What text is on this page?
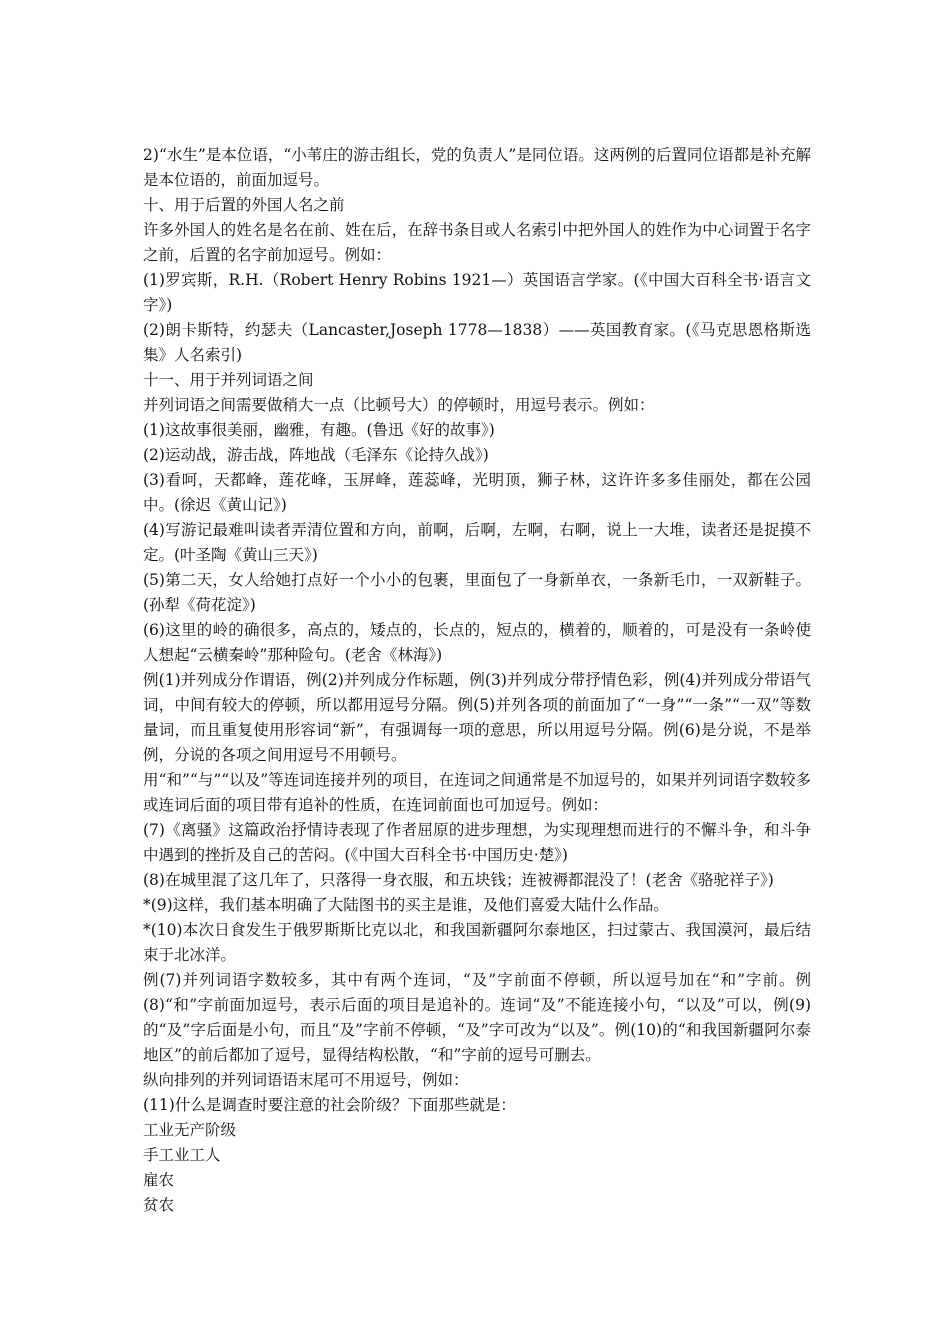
2)“水生”是本位语，“小苇庄的游击组长，党的负责人”是同位语。这两例的后置同位语都是补充解是本位语的，前面加逗号。

十、用于后置的外国人名之前

许多外国人的姓名是名在前、姓在后，在辞书条目或人名索引中把外国人的姓作为中心词置于名字之前，后置的名字前加逗号。例如：

(1)罗宾斯，R.H.（Robert Henry Robins 1921—）英国语言学家。(《中国大百科全书·语言文字》)

(2)朗卡斯特，约瑟夫（Lancaster,Joseph 1778—1838）——英国教育家。(《马克思恩格斯选集》人名索引)

十一、用于并列词语之间

并列词语之间需要做稍大一点（比顿号大）的停顿时，用逗号表示。例如：

(1)这故事很美丽，幽雅，有趣。(鲁迅《好的故事》)

(2)运动战，游击战，阵地战（毛泽东《论持久战》)

(3)看呵，天都峰，莲花峰，玉屏峰，莲蕊峰，光明顶，狮子林，这许许多多佳丽处，都在公园中。(徐迟《黄山记》)

(4)写游记最难叫读者弄清位置和方向，前啊，后啊，左啊，右啊，说上一大堆，读者还是捉摸不定。(叶圣陶《黄山三天》)

(5)第二天，女人给她打点好一个小小的包裹，里面包了一身新单衣，一条新毛巾，一双新鞋子。(孙犁《荷花淀》)

(6)这里的岭的确很多，高点的，矮点的，长点的，短点的，横着的，顺着的，可是没有一条岭使人想起“云横秦岭”那种险句。(老舍《林海》)

例(1)并列成分作谓语，例(2)并列成分作标题，例(3)并列成分带抒情色彩，例(4)并列成分带语气词，中间有较大的停顿，所以都用逗号分隔。例(5)并列各项的前面加了“一身”“一条”“一双”等数量词，而且重复使用形容词“新”，有强调每一项的意思，所以用逗号分隔。例(6)是分说，不是举例，分说的各项之间用逗号不用顿号。

用“和”“与”“以及”等连词连接并列的项目，在连词之间通常是不加逗号的，如果并列词语字数较多或连词后面的项目带有追补的性质，在连词前面也可加逗号。例如：

(7)《离骚》这篇政治抒情诗表现了作者屈原的进步理想，为实现理想而进行的不懈斗争，和斗争中遇到的挫折及自己的苦闷。(《中国大百科全书·中国历史·楚》)

(8)在城里混了这几年了，只落得一身衣服，和五块钱；连被褥都混没了！(老舍《骆驼祥子》)

*(9)这样，我们基本明确了大陆图书的买主是谁，及他们喜爱大陆什么作品。

*(10)本次日食发生于俄罗斯斯比克以北，和我国新疆阿尔泰地区，扫过蒙古、我国漠河，最后结束于北冰洋。

例(7)并列词语字数较多，其中有两个连词，“及”字前面不停顿，所以逗号加在“和”字前。例(8)“和”字前面加逗号，表示后面的项目是追补的。连词“及”不能连接小句，“以及”可以，例(9)的“及”字后面是小句，而且“及”字前不停顿，“及”字可改为“以及”。例(10)的“和我国新疆阿尔泰地区”的前后都加了逗号，显得结构松散，“和”字前的逗号可删去。

纵向排列的并列词语语末尾可不用逗号，例如：

(11)什么是调查时要注意的社会阶级？下面那些就是：

工业无产阶级

手工业工人

雇农

贫农
